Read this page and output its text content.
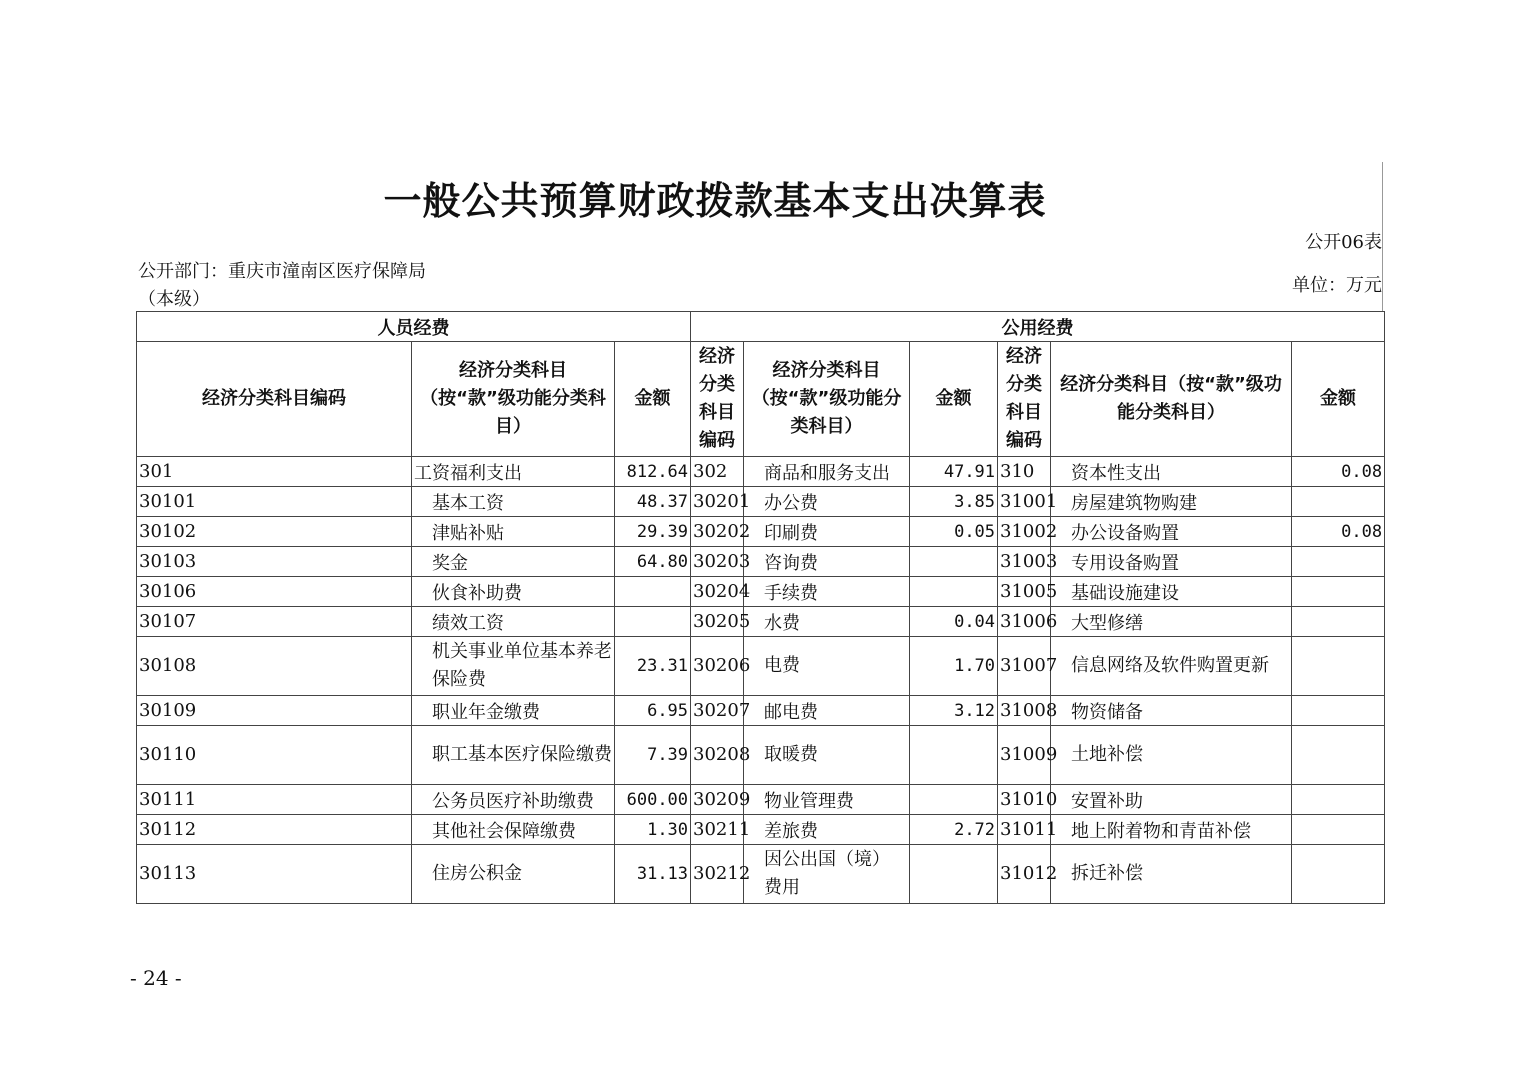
一般公共预算财政拨款基本支出决算表
公开06表
公开部门：重庆市潼南区医疗保障局（本级）
单位：万元
人员经费			公用经费					
经济分类科目编码	经济分类科目（按“款”级功能分类科目）	金额	经济分类科目编码	经济分类科目（按“款”级功能分类科目）	金额	经济分类科目编码	经济分类科目（按“款”级功能分类科目）	金额
301	工资福利支出	812.64	302	商品和服务支出	47.91	310	资本性支出	0.08
30101	基本工资	48.37	30201	办公费	3.85	31001	房屋建筑物购建	
30102	津贴补贴	29.39	30202	印刷费	0.05	31002	办公设备购置	0.08
30103	奖金	64.80	30203	咨询费		31003	专用设备购置	
30106	伙食补助费		30204	手续费		31005	基础设施建设	
30107	绩效工资		30205	水费	0.04	31006	大型修缮	
30108	机关事业单位基本养老保险费	23.31	30206	电费	1.70	31007	信息网络及软件购置更新	
30109	职业年金缴费	6.95	30207	邮电费	3.12	31008	物资储备	
30110	职工基本医疗保险缴费	7.39	30208	取暖费		31009	土地补偿	
30111	公务员医疗补助缴费	600.00	30209	物业管理费		31010	安置补助	
30112	其他社会保障缴费	1.30	30211	差旅费	2.72	31011	地上附着物和青苗补偿	
30113	住房公积金	31.13	30212	因公出国（境）费用		31012	拆迁补偿	
- 24 -
